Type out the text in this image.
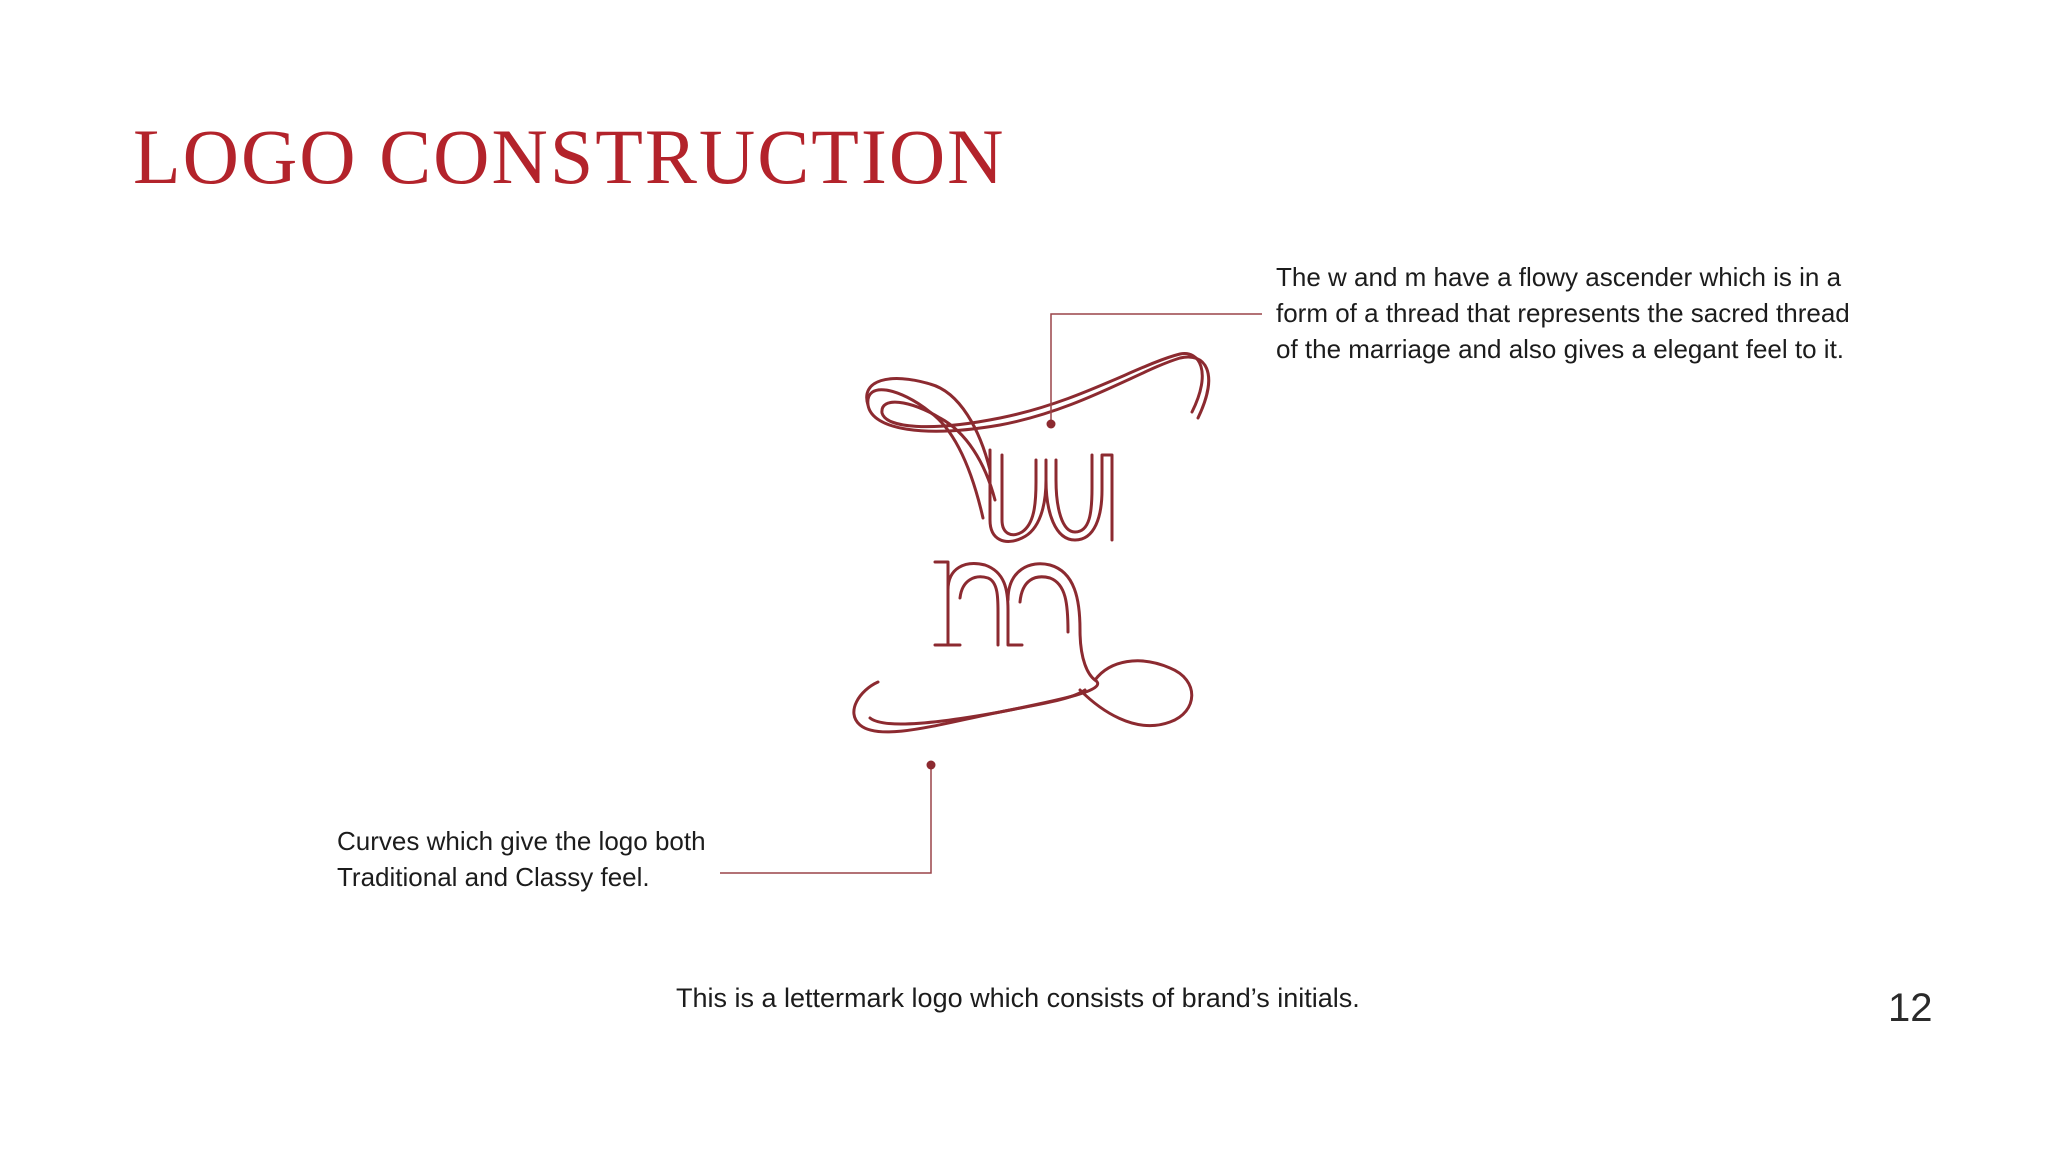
LOGO CONSTRUCTION
The w and m have a flowy ascender which is in a
form of a thread that represents the sacred thread
of the marriage and also gives a elegant feel to it.
Curves which give the logo both
Traditional and Classy feel.

This is a lettermark logo which consists of brand’s initials.	12
